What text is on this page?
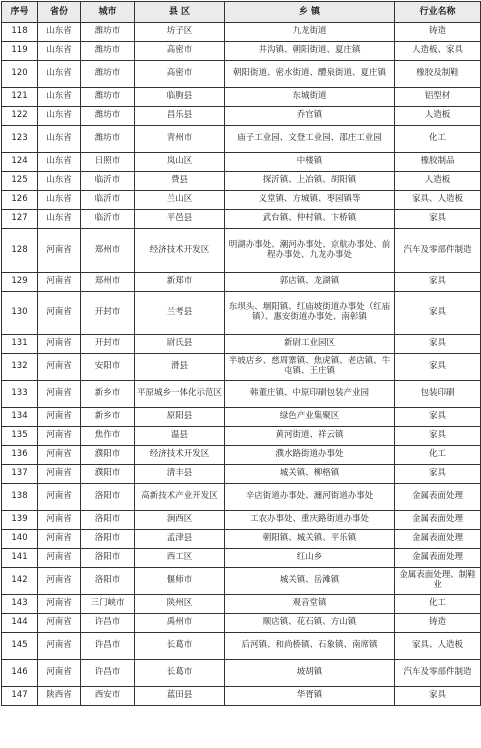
序号	省份	城市	县 区	乡 镇	行业名称
118	山东省	潍坊市	坊子区	九龙街道	铸造
119	山东省	潍坊市	高密市	井沟镇、朝阳街道、夏庄镇	人造板、家具
120	山东省	潍坊市	高密市	朝阳街道、密水街道、醴泉街道、夏庄镇	橡胶及制鞋
121	山东省	潍坊市	临朐县	东城街道	铝型材
122	山东省	潍坊市	昌乐县	乔官镇	人造板
123	山东省	潍坊市	青州市	庙子工业园、文登工业园、邵庄工业园	化工
124	山东省	日照市	岚山区	中楼镇	橡胶制品
125	山东省	临沂市	费县	探沂镇、上冶镇、胡阳镇	人造板
126	山东省	临沂市	兰山区	义堂镇、方城镇、枣园镇等	家具、人造板
127	山东省	临沂市	平邑县	武台镇、仲村镇、卞桥镇	家具
128	河南省	郑州市	经济技术开发区	明湖办事处、潮河办事处、京航办事处、前程办事处、九龙办事处	汽车及零部件制造
129	河南省	郑州市	新郑市	郭店镇、龙湖镇	家具
130	河南省	开封市	兰考县	东坝头、堌阳镇、红庙坡街道办事处（红庙镇）、惠安街道办事处、南彰镇	家具
131	河南省	开封市	尉氏县	新尉工业园区	家具
132	河南省	安阳市	滑县	半坡店乡、慈周寨镇、焦虎镇、老店镇、牛屯镇、王庄镇	家具
133	河南省	新乡市	平原城乡一体化示范区	韩董庄镇、中原印刷包装产业园	包装印刷
134	河南省	新乡市	原阳县	绿色产业集聚区	家具
135	河南省	焦作市	温县	黄河街道、祥云镇	家具
136	河南省	濮阳市	经济技术开发区	濮水路街道办事处	化工
137	河南省	濮阳市	清丰县	城关镇、柳格镇	家具
138	河南省	洛阳市	高新技术产业开发区	辛店街道办事处、瀍河街道办事处	金属表面处理
139	河南省	洛阳市	涧西区	工农办事处、重庆路街道办事处	金属表面处理
140	河南省	洛阳市	孟津县	朝阳镇、城关镇、平乐镇	金属表面处理
141	河南省	洛阳市	西工区	红山乡	金属表面处理
142	河南省	洛阳市	偃师市	城关镇、岳滩镇	金属表面处理、制鞋业
143	河南省	三门峡市	陕州区	观音堂镇	化工
144	河南省	许昌市	禹州市	顺店镇、花石镇、方山镇	铸造
145	河南省	许昌市	长葛市	后河镇、和尚桥镇、石象镇、南席镇	家具、人造板
146	河南省	许昌市	长葛市	坡胡镇	汽车及零部件制造
147	陕西省	西安市	蓝田县	华胥镇	家具
